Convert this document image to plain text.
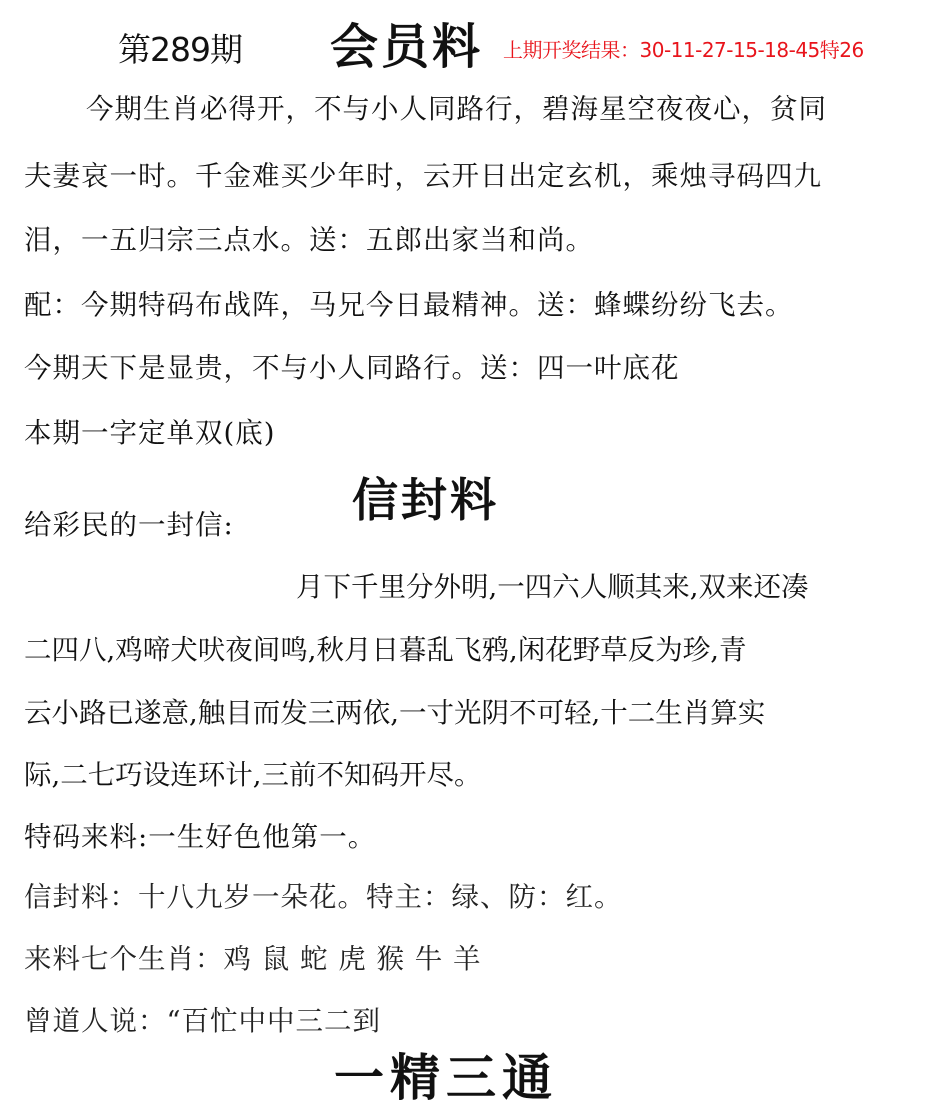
第289期 会员料 上期开奖结果：30-11-27-15-18-45特26
今期生肖必得开，不与小人同路行，碧海星空夜夜心，贫同
夫妻哀一时。千金难买少年时，云开日出定玄机，乘烛寻码四九
泪，一五归宗三点水。送：五郎出家当和尚。
配：今期特码布战阵，马兄今日最精神。送：蜂蝶纷纷飞去。
今期天下是显贵，不与小人同路行。送：四一叶底花
本期一字定单双(底)
信封料
给彩民的一封信:
月下千里分外明,一四六人顺其来,双来还凑
二四八,鸡啼犬吠夜间鸣,秋月日暮乱飞鸦,闲花野草反为珍,青
云小路已遂意,触目而发三两依,一寸光阴不可轻,十二生肖算实
际,二七巧设连环计,三前不知码开尽。
特码来料:一生好色他第一。
信封料：十八九岁一朵花。特主：绿、防：红。
来料七个生肖：鸡 鼠 蛇 虎 猴 牛 羊
曾道人说：“百忙中中三二到
一精三通
